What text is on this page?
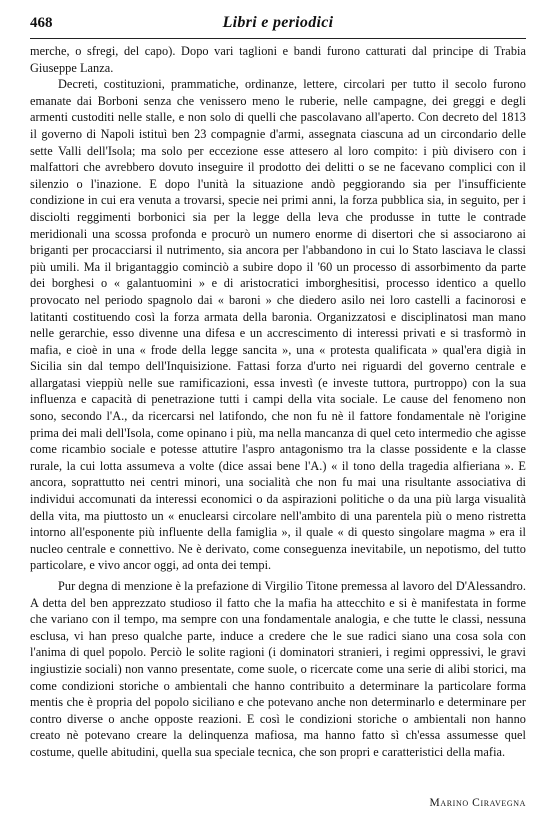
468	Libri e periodici

merche, o sfregi, del capo). Dopo vari taglioni e bandi furono catturati dal principe di Trabia Giuseppe Lanza.

Decreti, costituzioni, prammatiche, ordinanze, lettere, circolari per tutto il secolo furono emanate dai Borboni senza che venissero meno le ruberie, nelle campagne, dei greggi e degli armenti custoditi nelle stalle, e non solo di quelli che pascolavano all'aperto. Con decreto del 1813 il governo di Napoli istituì ben 23 compagnie d'armi, assegnata ciascuna ad un circondario delle sette Valli dell'Isola; ma solo per eccezione esse attesero al loro compito: i più divisero con i malfattori che avrebbero dovuto inseguire il prodotto dei delitti o se ne facevano complici con il silenzio o l'inazione. E dopo l'unità la situazione andò peggiorando sia per l'insufficiente condizione in cui era venuta a trovarsi, specie nei primi anni, la forza pubblica sia, in seguito, per i disciolti reggimenti borbonici sia per la legge della leva che produsse in tutte le contrade meridionali una scossa profonda e procurò un numero enorme di disertori che si associarono ai briganti per procacciarsi il nutrimento, sia ancora per l'abbandono in cui lo Stato lasciava le classi più umili. Ma il brigantaggio cominciò a subire dopo il '60 un processo di assorbimento da parte dei borghesi o « galantuomini » e di aristocratici imborghesitisi, processo identico a quello provocato nel periodo spagnolo dai « baroni » che diedero asilo nei loro castelli a facinorosi e latitanti costituendo così la forza armata della baronia. Organizzatosi e disciplinatosi man mano nelle gerarchie, esso divenne una difesa e un accrescimento di interessi privati e si trasformò in mafia, e cioè in una « frode della legge sancita », una « protesta qualificata » qual'era digià in Sicilia sin dal tempo dell'Inquisizione. Fattasi forza d'urto nei riguardi del governo centrale e allargatasi vieppiù nelle sue ramificazioni, essa investì (e investe tuttora, purtroppo) con la sua influenza e capacità di penetrazione tutti i campi della vita sociale. Le cause del fenomeno non sono, secondo l'A., da ricercarsi nel latifondo, che non fu nè il fattore fondamentale nè l'origine prima dei mali dell'Isola, come opinano i più, ma nella mancanza di quel ceto intermedio che agisse come ricambio sociale e potesse attutire l'aspro antagonismo tra la classe possidente e la classe rurale, la cui lotta assumeva a volte (dice assai bene l'A.) « il tono della tragedia alfieriana ». E ancora, soprattutto nei centri minori, una socialità che non fu mai una risultante associativa di individui accomunati da interessi economici o da aspirazioni politiche o da una più larga visualità della vita, ma piuttosto un « enuclearsi circolare nell'ambito di una parentela più o meno ristretta intorno all'esponente più influente della famiglia », il quale « di questo singolare magma » era il nucleo centrale e connettivo. Ne è derivato, come conseguenza inevitabile, un nepotismo, del tutto particolare, e vivo ancor oggi, ad onta dei tempi.

Pur degna di menzione è la prefazione di Virgilio Titone premessa al lavoro del D'Alessandro. A detta del ben apprezzato studioso il fatto che la mafia ha attecchito e si è manifestata in forme che variano con il tempo, ma sempre con una fondamentale analogia, e che tutte le classi, nessuna esclusa, vi han preso qualche parte, induce a credere che le sue radici siano una cosa sola con l'anima di quel popolo. Perciò le solite ragioni (i dominatori stranieri, i regimi oppressivi, le gravi ingiustizie sociali) non vanno presentate, come suole, o ricercate come una serie di alibi storici, ma come condizioni storiche o ambientali che hanno contribuito a determinare la particolare forma mentis che è propria del popolo siciliano e che potevano anche non determinarlo e determinare per contro diverse o anche opposte reazioni. E così le condizioni storiche o ambientali non hanno creato nè potevano creare la delinquenza mafiosa, ma hanno fatto sì ch'essa assumesse quel costume, quelle abitudini, quella sua speciale tecnica, che son propri e caratteristici della mafia.

Marino Ciravegna
